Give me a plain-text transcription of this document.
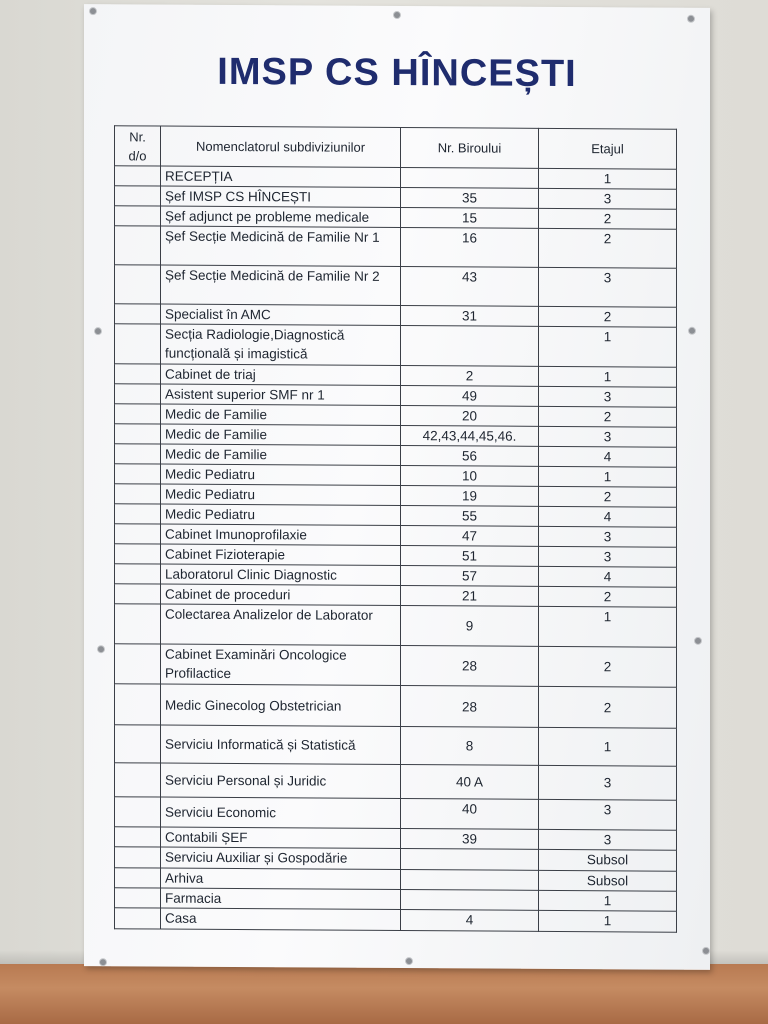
IMSP CS HÎNCEȘTI
Nr. d/o	Nomenclatorul subdiviziunilor	Nr. Biroului	Etajul
	RECEPȚIA		1
	Șef IMSP CS HÎNCEȘTI	35	3
	Șef adjunct pe probleme medicale	15	2
	Șef Secție Medicină de Familie Nr 1	16	2
	Șef Secție Medicină de Familie Nr 2	43	3
	Specialist în AMC	31	2
	Secția Radiologie,Diagnostică funcțională și imagistică		1
	Cabinet de triaj	2	1
	Asistent superior SMF nr 1	49	3
	Medic de Familie	20	2
	Medic de Familie	42,43,44,45,46.	3
	Medic de Familie	56	4
	Medic Pediatru	10	1
	Medic Pediatru	19	2
	Medic Pediatru	55	4
	Cabinet Imunoprofilaxie	47	3
	Cabinet Fizioterapie	51	3
	Laboratorul Clinic Diagnostic	57	4
	Cabinet de proceduri	21	2
	Colectarea Analizelor de Laborator	9	1
	Cabinet Examinări Oncologice Profilactice	28	2
	Medic Ginecolog Obstetrician	28	2
	Serviciu Informatică și Statistică	8	1
	Serviciu Personal și Juridic	40 A	3
	Serviciu Economic	40	3
	Contabili ȘEF	39	3
	Serviciu Auxiliar și Gospodărie		Subsol
	Arhiva		Subsol
	Farmacia		1
	Casa	4	1
